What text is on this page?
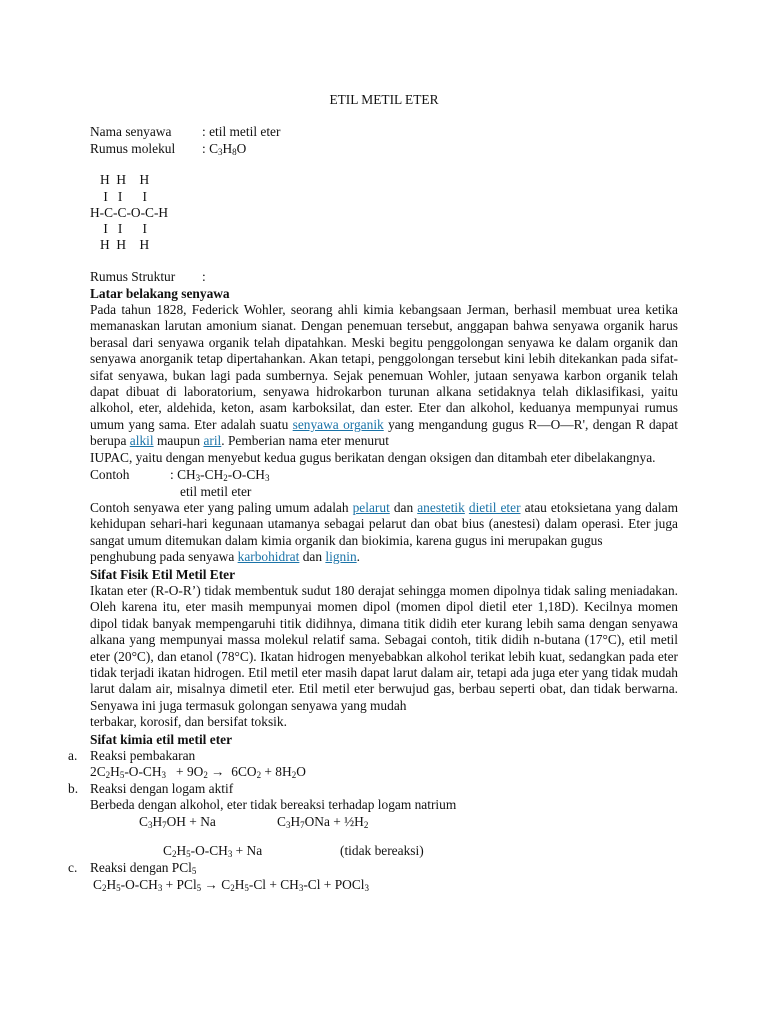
ETIL METIL ETER
Nama senyawa : etil metil eter
Rumus molekul : $C_3H_8O$
H  H    H
I   I      I
H-C-C-O-C-H
I   I      I
H  H    H
Rumus Struktur :
Latar belakang senyawa
Pada tahun 1828, Federick Wohler, seorang ahli kimia kebangsaan Jerman, berhasil membuat urea ketika memanaskan larutan amonium sianat. Dengan penemuan tersebut, anggapan bahwa senyawa organik harus berasal dari senyawa organik telah dipatahkan. Meski begitu penggolongan senyawa ke dalam organik dan senyawa anorganik tetap dipertahankan. Akan tetapi, penggolongan tersebut kini lebih ditekankan pada sifat-sifat senyawa, bukan lagi pada sumbernya. Sejak penemuan Wohler, jutaan senyawa karbon organik telah dapat dibuat di laboratorium, senyawa hidrokarbon turunan alkana setidaknya telah diklasifikasi, yaitu alkohol, eter, aldehida, keton, asam karboksilat, dan ester. Eter dan alkohol, keduanya mempunyai rumus umum yang sama. Eter adalah suatu senyawa organik yang mengandung gugus R—O—R', dengan R dapat berupa alkil maupun aril. Pemberian nama eter menurut
IUPAC, yaitu dengan menyebut kedua gugus berikatan dengan oksigen dan ditambah eter dibelakangnya.
Contoh	: $CH_3-CH_2-O-CH_3$
etil metil eter
Contoh senyawa eter yang paling umum adalah pelarut dan anestetik dietil eter atau etoksietana yang dalam kehidupan sehari-hari kegunaan utamanya sebagai pelarut dan obat bius (anestesi) dalam operasi. Eter juga sangat umum ditemukan dalam kimia organik dan biokimia, karena gugus ini merupakan gugus
penghubung pada senyawa karbohidrat dan lignin.
Sifat Fisik Etil Metil Eter
Ikatan eter (R-O-R’) tidak membentuk sudut 180 derajat sehingga momen dipolnya tidak saling meniadakan. Oleh karena itu, eter masih mempunyai momen dipol (momen dipol dietil eter 1,18D). Kecilnya momen dipol tidak banyak mempengaruhi titik didihnya, dimana titik didih eter kurang lebih sama dengan senyawa alkana yang mempunyai massa molekul relatif sama. Sebagai contoh, titik didih n-butana (17°C), etil metil eter (20°C), dan etanol (78°C). Ikatan hidrogen menyebabkan alkohol terikat lebih kuat, sedangkan pada eter tidak terjadi ikatan hidrogen. Etil metil eter masih dapat larut dalam air, tetapi ada juga eter yang tidak mudah larut dalam air, misalnya dimetil eter. Etil metil eter berwujud gas, berbau seperti obat, dan tidak berwarna. Senyawa ini juga termasuk golongan senyawa yang mudah
terbakar, korosif, dan bersifat toksik.
Sifat kimia etil metil eter
a. Reaksi pembakaran
$2C_2H_5-O-CH_3 + 9O_2 \to 6CO_2 + 8H_2O$
b. Reaksi dengan logam aktif
Berbeda dengan alkohol, eter tidak bereaksi terhadap logam natrium
$C_3H_7OH + Na$	$C_3H_7ONa$ + $\frac{1}{2}H_2$
$C_2H_5-O-CH_3 + Na$	(tidak bereaksi)
c. Reaksi dengan PCl$_5$
$C_2H_5-O-CH_3 + PCl_5 \to C_2H_5-Cl + CH_3-Cl$ + POCl$_3$
